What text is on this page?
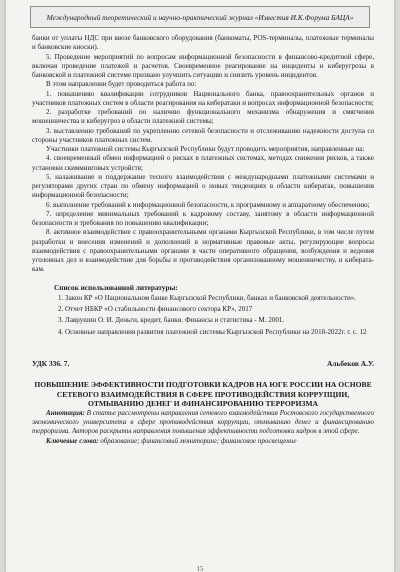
Международный теоретический и научно-практический журнал «Известия И.К.Форума БАЦА»

банки от уплаты НДС при ввозе банковского оборудования (банкоматы, POS-терминалы, платежные терминалы и банковские киоски).

5. Проведение мероприятий по вопросам информационной безопасности в финансово-кредитной сфере, включая проведение платежей и расчетов. Своевременное реагирование на инциденты и киберугрозы в банковской и платежной системе призвано улучшить ситуацию и снизить уровень инцидентов.

В этом направлении будет проводиться работа по:

1. повышению квалификации сотрудников Национального банка, правоохранительных органов и участников платежных систем в области реагирования на кибератаки и вопросах информационной безопасности;

2. разработке требований по наличию функционального механизма обнаружения и смягчения мошенничества и киберугроз в области платежной системы;

3. выставлению требований по укреплению сетевой безопасности и отслеживанию надежности доступа со стороны участников платежных систем.

Участники платежной системы Кыргызской Республики будут проводить мероприятия, направленные на:

4. своевременный обмен информацией о рисках в платежных системах, методах снижения рисков, а также установки скиммииговых устройств;

5. налаживание и поддержание тесного взаимодействия с международными платежными системами и регуляторами других стран по обмену информацией о новых тенденциях в области кибератак, повышения информационной безопасности;

6. выполнение требований к информационной безопасности, к программному и аппаратному обеспечению;

7. определение минимальных требований к кадровому составу, занятому в области информационной безопасности и требования по повышению квалификации;

8. активное взаимодействие с правоохранительными органами Кыргызской Республики, в том числе путем разработки и внесения изменений и дополнений в нормативные правовые акты, регулирующие вопросы взаимодействия с правоохранительными органами в части оперативного обращения, возбуждения и ведения уголовных дел и взаимодействие для борьбы и противодействия организованному мошенничеству, и кибератакам.

Список использованной литературы:
1. Закон КР «О Национальном банке Кыргызской Республики, банках и банковской деятельности».
2. Отчет НБКР «О стабильности финансового сектора КР», 2017
3. Лаврушин О. И. Деньги, кредит, банки. Финансы и статистика - М. 2001.
4. Основные направления развития платежной системы Кыргызской Республики на 2018-2022г. г. с. 12
УДК 336. 7.	Альбеков А.У.
ПОВЫШЕНИЕ ЭФФЕКТИВНОСТИ ПОДГОТОВКИ КАДРОВ НА ЮГЕ РОССИИ НА ОСНОВЕ СЕТЕВОГО ВЗАИМОДЕЙСТВИЯ В СФЕРЕ ПРОТИВОДЕЙСТВИЯ КОРРУПЦИИ, ОТМЫВАНИЮ ДЕНЕГ И ФИНАНСИРОВАНИЮ ТЕРРОРИЗМА

Аннотация: В статье рассмотрены направления сетевого взаимодействия Ростовского государственного экономического университета в сфере противодействия коррупции, отмыванию денег и финансированию терроризма. Авторов раскрыты направления повышения эффективности подготовки кадров в этой сфере.

Ключевые слова: образование; финансовый мониторинг; финансовое просвещение

15
